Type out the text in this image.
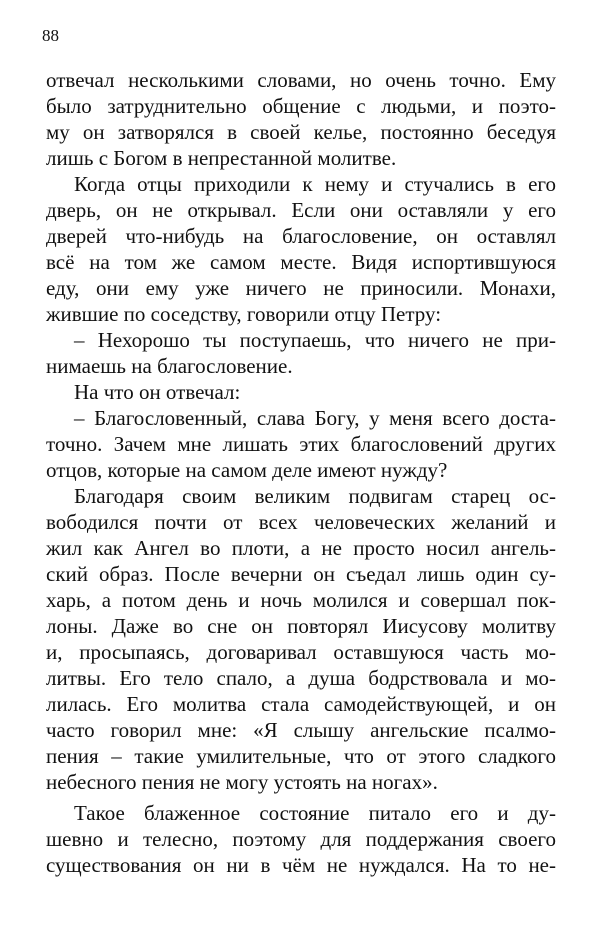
88
отвечал несколькими словами, но очень точно. Ему
было затруднительно общение с людьми, и поэто-
му он затворялся в своей келье, постоянно беседуя
лишь с Богом в непрестанной молитве.
Когда отцы приходили к нему и стучались в его
дверь, он не открывал. Если они оставляли у его
дверей что-нибудь на благословение, он оставлял
всё на том же самом месте. Видя испортившуюся
еду, они ему уже ничего не приносили. Монахи,
жившие по соседству, говорили отцу Петру:
– Нехорошо ты поступаешь, что ничего не при-
нимаешь на благословение.
На что он отвечал:
– Благословенный, слава Богу, у меня всего доста-
точно. Зачем мне лишать этих благословений других
отцов, которые на самом деле имеют нужду?
Благодаря своим великим подвигам старец ос-
вободился почти от всех человеческих желаний и
жил как Ангел во плоти, а не просто носил ангель-
ский образ. После вечерни он съедал лишь один су-
харь, а потом день и ночь молился и совершал пок-
лоны. Даже во сне он повторял Иисусову молитву
и, просыпаясь, договаривал оставшуюся часть мо-
литвы. Его тело спало, а душа бодрствовала и мо-
лилась. Его молитва стала самодействующей, и он
часто говорил мне: «Я слышу ангельские псалмо-
пения – такие умилительные, что от этого сладкого
небесного пения не могу устоять на ногах».
Такое блаженное состояние питало его и ду-
шевно и телесно, поэтому для поддержания своего
существования он ни в чём не нуждался. На то не-
